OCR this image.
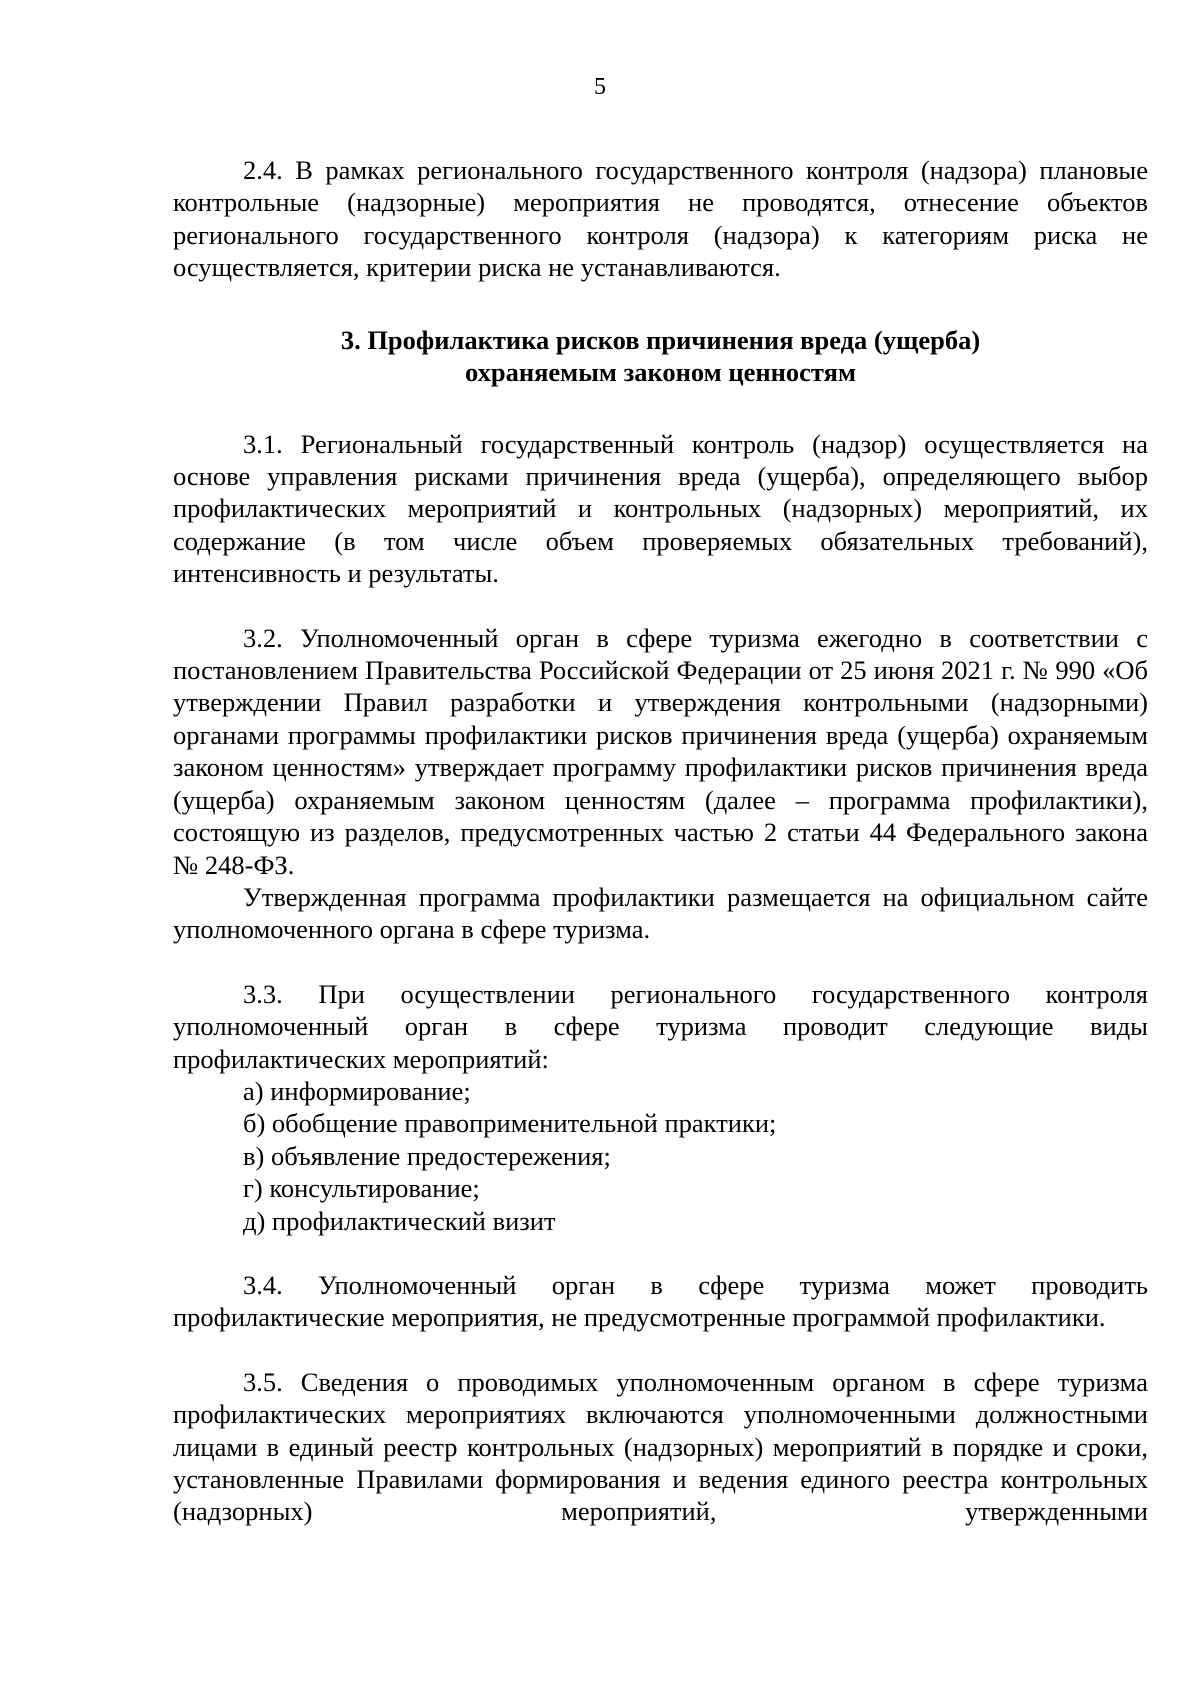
5

2.4. В рамках регионального государственного контроля (надзора) плановые контрольные (надзорные) мероприятия не проводятся, отнесение объектов регионального государственного контроля (надзора) к категориям риска не осуществляется, критерии риска не устанавливаются.

3. Профилактика рисков причинения вреда (ущерба)
охраняемым законом ценностям

3.1. Региональный государственный контроль (надзор) осуществляется на основе управления рисками причинения вреда (ущерба), определяющего выбор профилактических мероприятий и контрольных (надзорных) мероприятий, их содержание (в том числе объем проверяемых обязательных требований), интенсивность и результаты.

3.2. Уполномоченный орган в сфере туризма ежегодно в соответствии с постановлением Правительства Российской Федерации от 25 июня 2021 г. № 990 «Об утверждении Правил разработки и утверждения контрольными (надзорными) органами программы профилактики рисков причинения вреда (ущерба) охраняемым законом ценностям» утверждает программу профилактики рисков причинения вреда (ущерба) охраняемым законом ценностям (далее – программа профилактики), состоящую из разделов, предусмотренных частью 2 статьи 44 Федерального закона № 248-ФЗ.

Утвержденная программа профилактики размещается на официальном сайте уполномоченного органа в сфере туризма.

3.3. При осуществлении регионального государственного контроля уполномоченный орган в сфере туризма проводит следующие виды профилактических мероприятий:

а) информирование;
б) обобщение правоприменительной практики;
в) объявление предостережения;
г) консультирование;
д) профилактический визит

3.4. Уполномоченный орган в сфере туризма может проводить профилактические мероприятия, не предусмотренные программой профилактики.

3.5. Сведения о проводимых уполномоченным органом в сфере туризма профилактических мероприятиях включаются уполномоченными должностными лицами в единый реестр контрольных (надзорных) мероприятий в порядке и сроки, установленные Правилами формирования и ведения единого реестра контрольных (надзорных) мероприятий, утвержденными
